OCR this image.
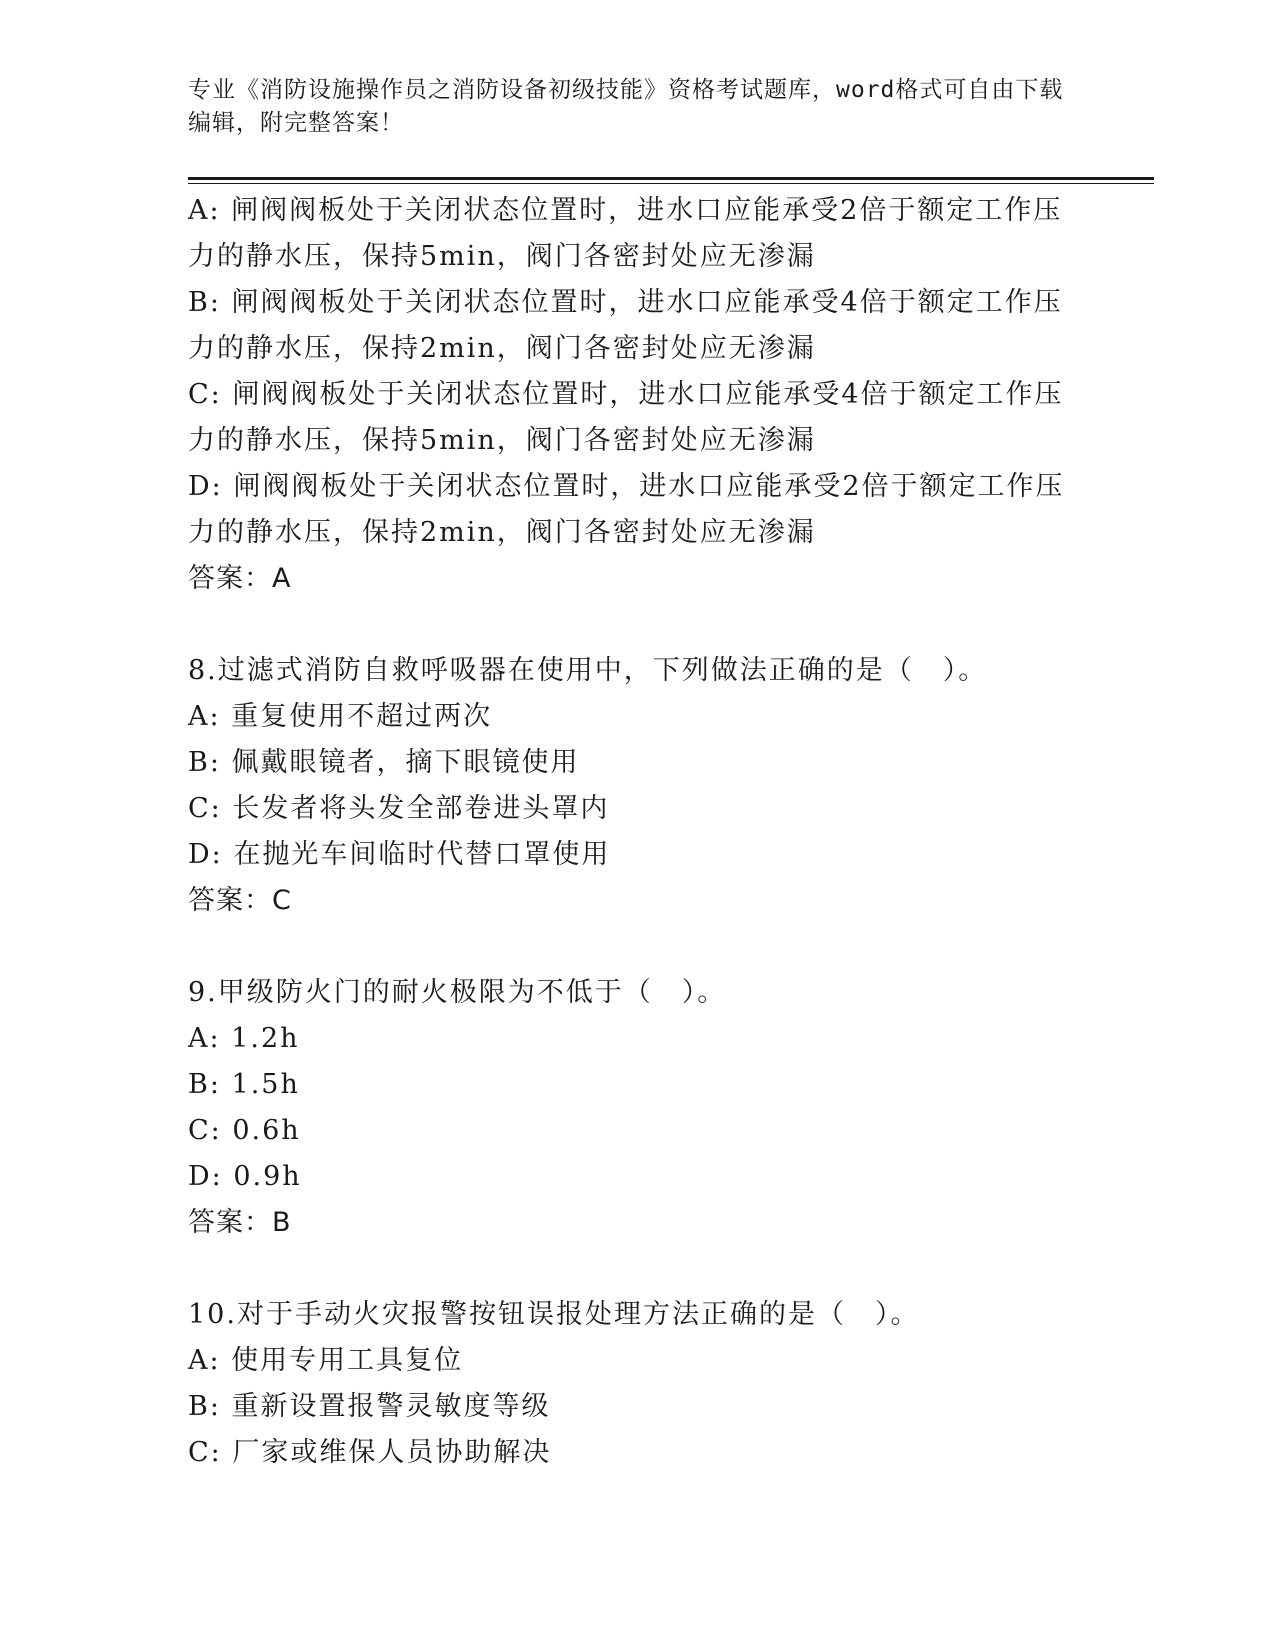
专业《消防设施操作员之消防设备初级技能》资格考试题库，word格式可自由下载编辑，附完整答案！

A: 闸阀阀板处于关闭状态位置时，进水口应能承受2倍于额定工作压力的静水压，保持5min，阀门各密封处应无渗漏

B: 闸阀阀板处于关闭状态位置时，进水口应能承受4倍于额定工作压力的静水压，保持2min，阀门各密封处应无渗漏

C: 闸阀阀板处于关闭状态位置时，进水口应能承受4倍于额定工作压力的静水压，保持5min，阀门各密封处应无渗漏

D: 闸阀阀板处于关闭状态位置时，进水口应能承受2倍于额定工作压力的静水压，保持2min，阀门各密封处应无渗漏

答案：A

8.过滤式消防自救呼吸器在使用中，下列做法正确的是（　）。

A: 重复使用不超过两次

B: 佩戴眼镜者，摘下眼镜使用

C: 长发者将头发全部卷进头罩内

D: 在抛光车间临时代替口罩使用

答案：C

9.甲级防火门的耐火极限为不低于（　）。

A: 1.2h

B: 1.5h

C: 0.6h

D: 0.9h

答案：B

10.对于手动火灾报警按钮误报处理方法正确的是（　）。

A: 使用专用工具复位

B: 重新设置报警灵敏度等级

C: 厂家或维保人员协助解决
